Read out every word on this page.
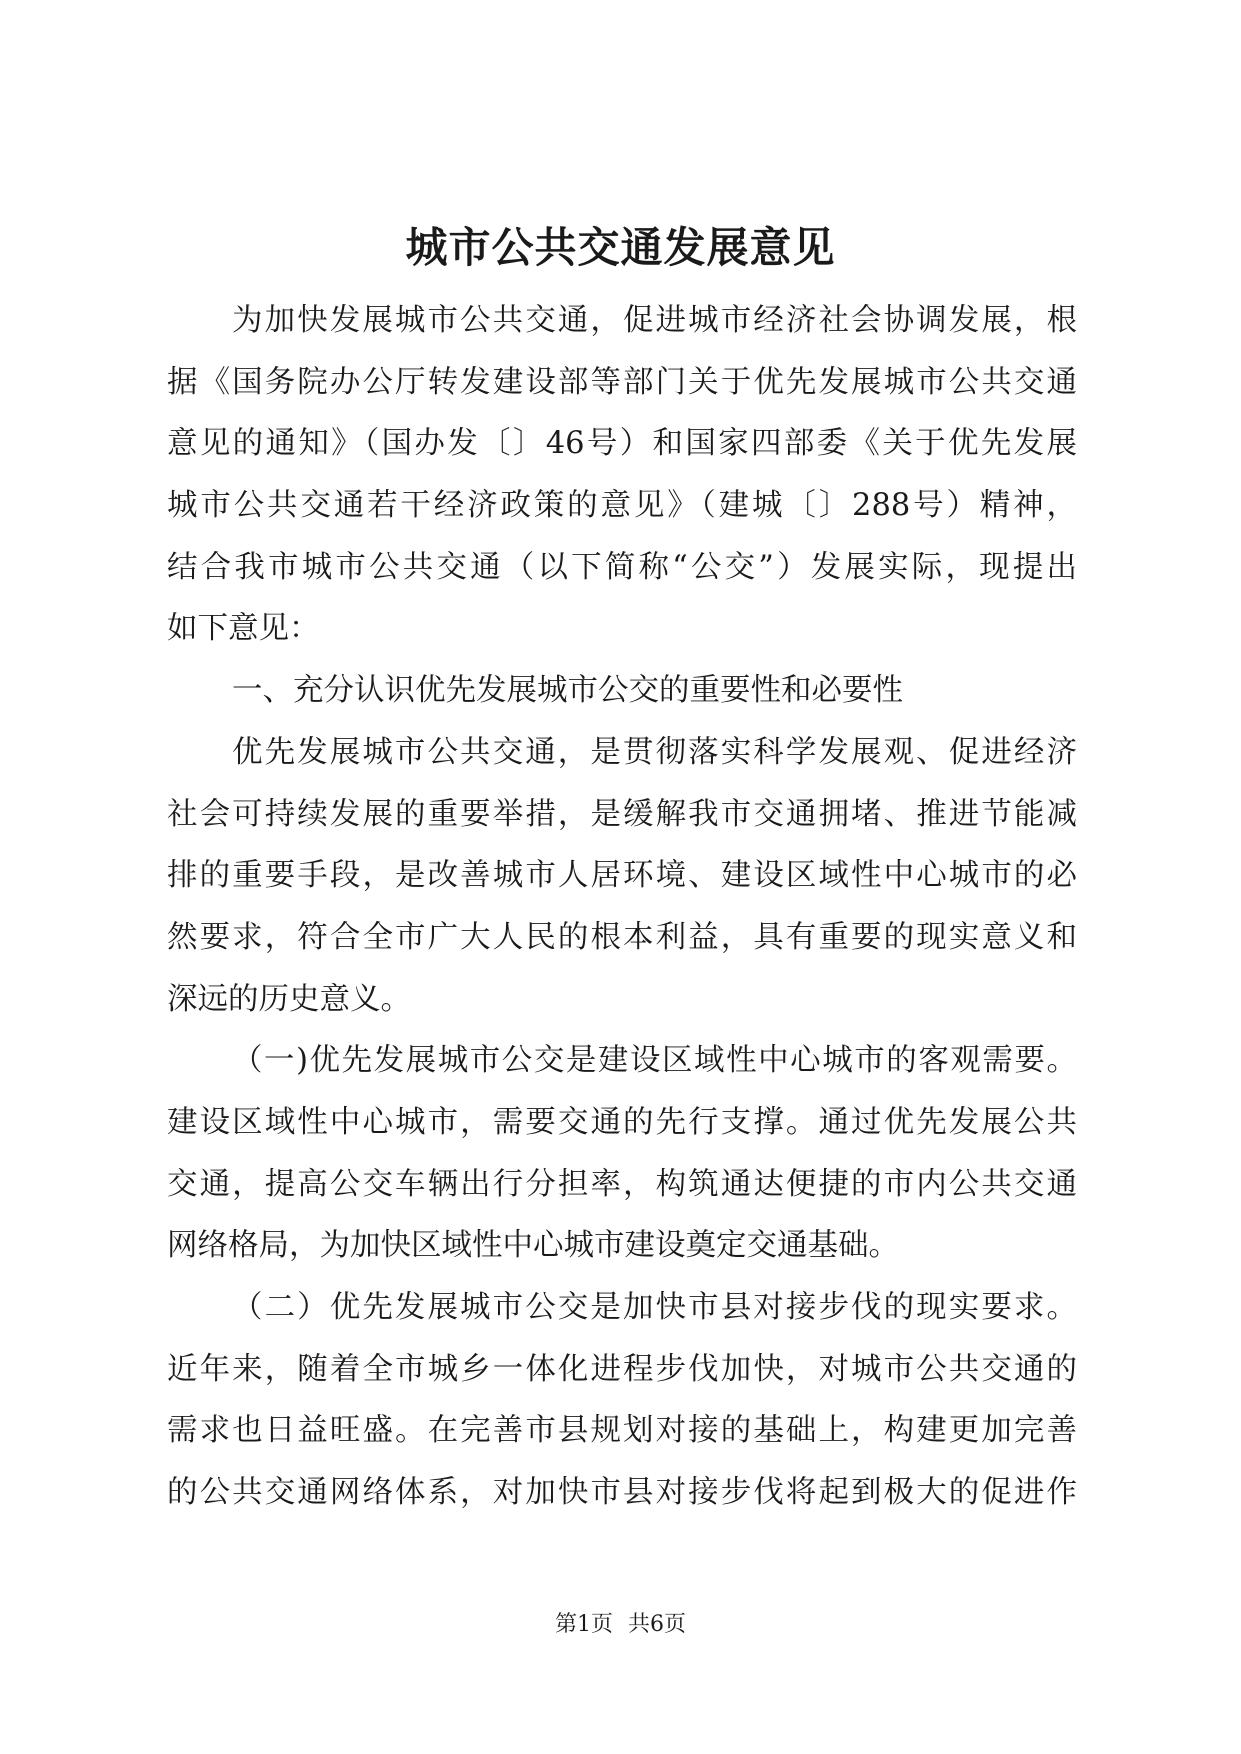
城市公共交通发展意见
为加快发展城市公共交通，促进城市经济社会协调发展，根
据《国务院办公厅转发建设部等部门关于优先发展城市公共交通
意见的通知》（国办发〔〕46号）和国家四部委《关于优先发展
城市公共交通若干经济政策的意见》（建城〔〕288号）精神，
结合我市城市公共交通（以下简称“公交”）发展实际，现提出
如下意见：
一、充分认识优先发展城市公交的重要性和必要性
优先发展城市公共交通，是贯彻落实科学发展观、促进经济
社会可持续发展的重要举措，是缓解我市交通拥堵、推进节能减
排的重要手段，是改善城市人居环境、建设区域性中心城市的必
然要求，符合全市广大人民的根本利益，具有重要的现实意义和
深远的历史意义。
（一)优先发展城市公交是建设区域性中心城市的客观需要。
建设区域性中心城市，需要交通的先行支撑。通过优先发展公共
交通，提高公交车辆出行分担率，构筑通达便捷的市内公共交通
网络格局，为加快区域性中心城市建设奠定交通基础。
（二）优先发展城市公交是加快市县对接步伐的现实要求。
近年来，随着全市城乡一体化进程步伐加快，对城市公共交通的
需求也日益旺盛。在完善市县规划对接的基础上，构建更加完善
的公共交通网络体系，对加快市县对接步伐将起到极大的促进作
第1页 共6页
